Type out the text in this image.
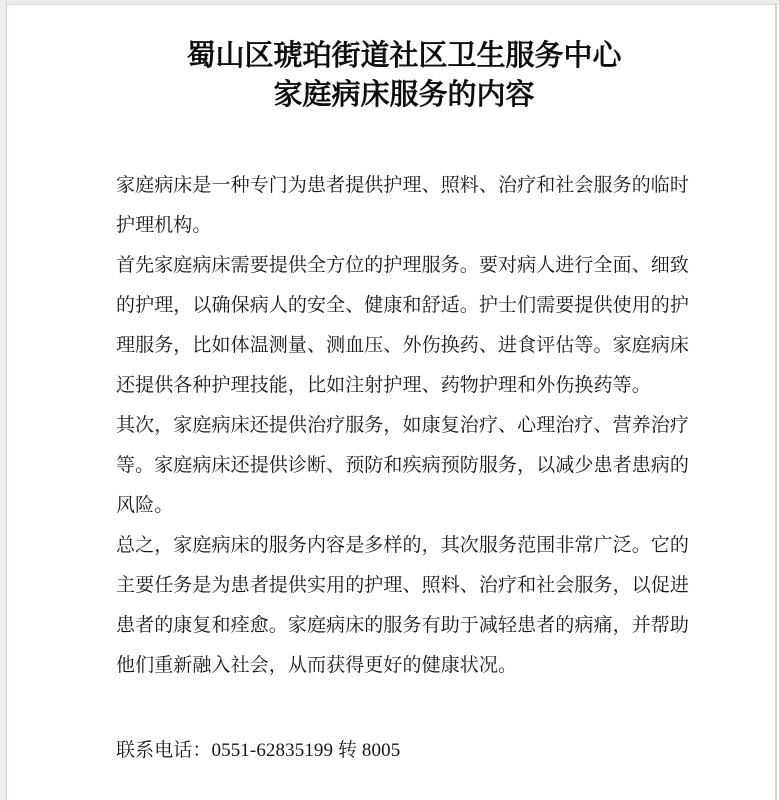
蜀山区琥珀街道社区卫生服务中心
家庭病床服务的内容
家庭病床是一种专门为患者提供护理、照料、治疗和社会服务的临时
护理机构。
首先家庭病床需要提供全方位的护理服务。要对病人进行全面、细致
的护理，以确保病人的安全、健康和舒适。护士们需要提供使用的护
理服务，比如体温测量、测血压、外伤换药、进食评估等。家庭病床
还提供各种护理技能，比如注射护理、药物护理和外伤换药等。
其次，家庭病床还提供治疗服务，如康复治疗、心理治疗、营养治疗
等。家庭病床还提供诊断、预防和疾病预防服务，以减少患者患病的
风险。
总之，家庭病床的服务内容是多样的，其次服务范围非常广泛。它的
主要任务是为患者提供实用的护理、照料、治疗和社会服务，以促进
患者的康复和痊愈。家庭病床的服务有助于减轻患者的病痛，并帮助
他们重新融入社会，从而获得更好的健康状况。
联系电话：0551-62835199 转 8005
